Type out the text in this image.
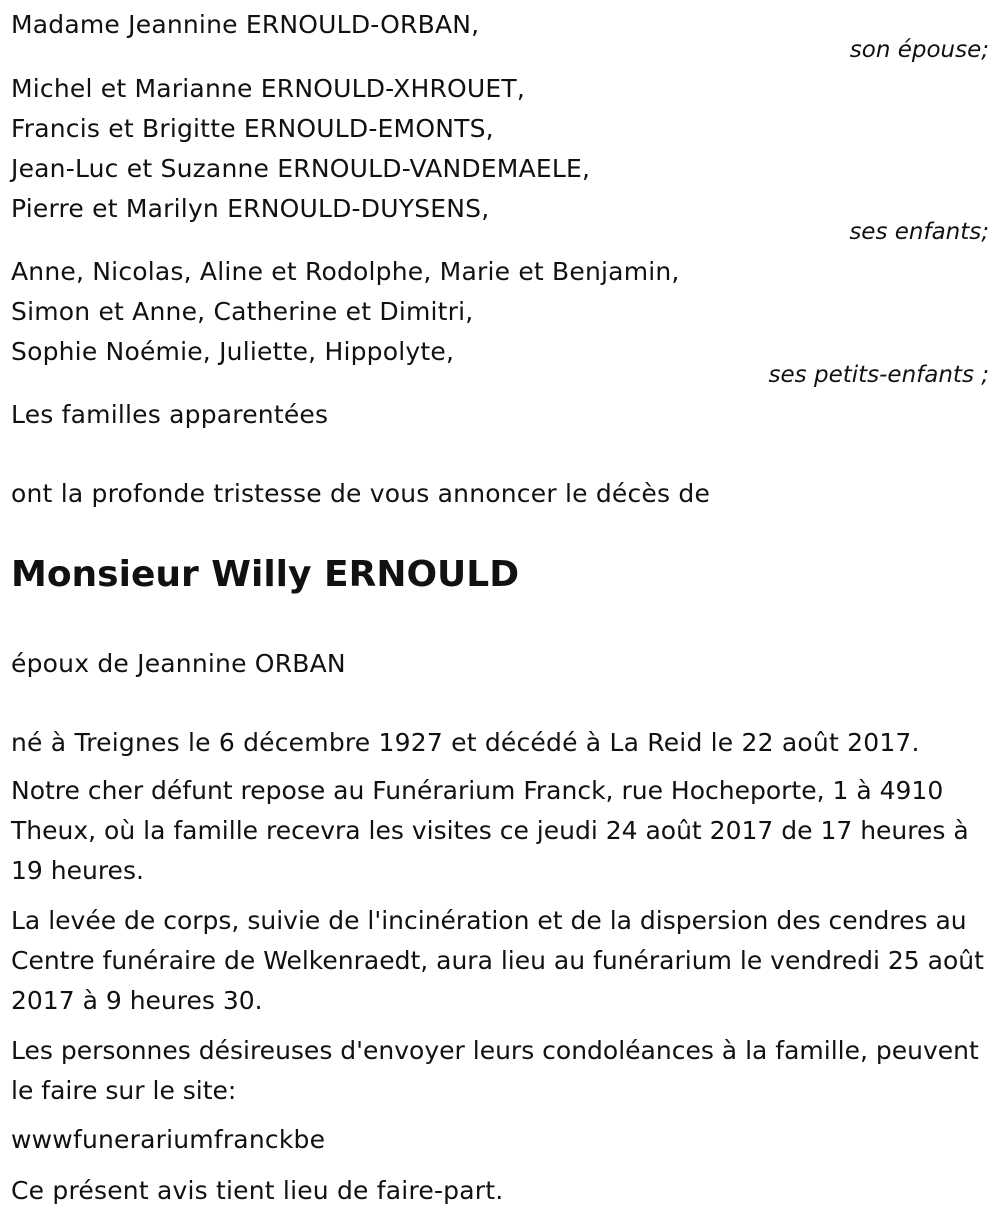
Madame Jeannine ERNOULD-ORBAN,
son épouse;
Michel et Marianne ERNOULD-XHROUET,
Francis et Brigitte ERNOULD-EMONTS,
Jean-Luc et Suzanne ERNOULD-VANDEMAELE,
Pierre et Marilyn ERNOULD-DUYSENS,
ses enfants;
Anne, Nicolas, Aline et Rodolphe, Marie et Benjamin,
Simon et Anne, Catherine et Dimitri,
Sophie Noémie, Juliette, Hippolyte,
ses petits-enfants ;
Les familles apparentées
ont la profonde tristesse de vous annoncer le décès de
Monsieur Willy ERNOULD
époux de Jeannine ORBAN
né à Treignes le 6 décembre 1927 et décédé à La Reid le 22 août 2017.
Notre cher défunt repose au Funérarium Franck, rue Hocheporte, 1 à 4910 Theux, où la famille recevra les visites ce jeudi 24 août 2017 de 17 heures à 19 heures.
La levée de corps, suivie de l'incinération et de la dispersion des cendres au Centre funéraire de Welkenraedt, aura lieu au funérarium le vendredi 25 août 2017 à 9 heures 30.
Les personnes désireuses d'envoyer leurs condoléances à la famille, peuvent le faire sur le site:
wwwfunerariumfranckbe
Ce présent avis tient lieu de faire-part.
